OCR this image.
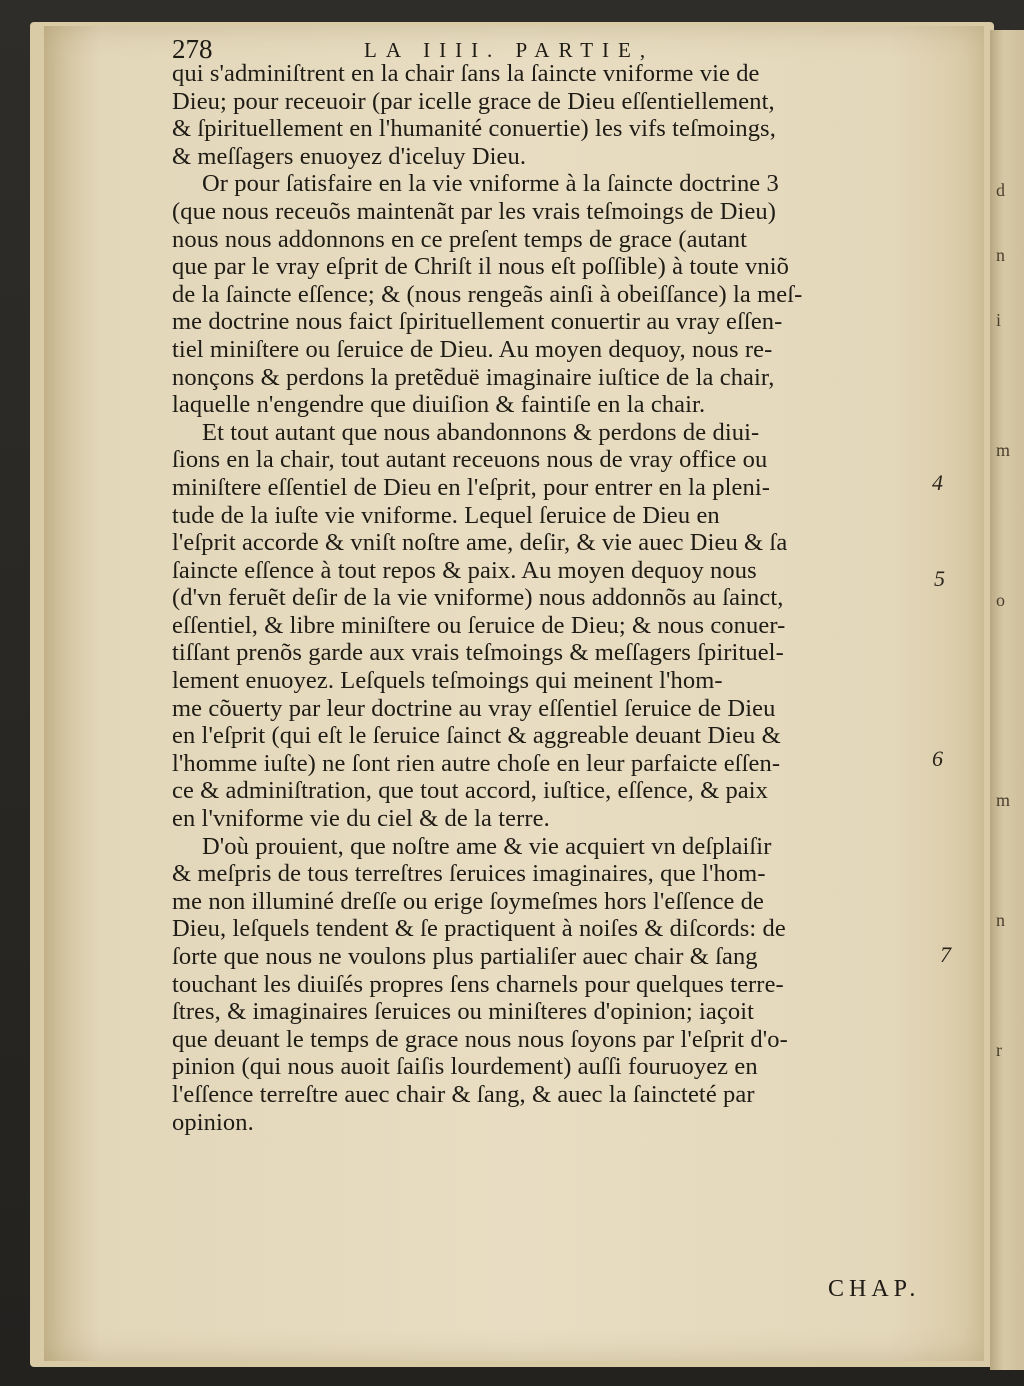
d
n
i
m
o
m
n
r
278	LA IIII. PARTIE,
qui s'adminiſtrent en la chair ſans la ſaincte vniforme vie de
Dieu; pour receuoir (par icelle grace de Dieu eſſentiellement,
& ſpirituellement en l'humanité conuertie) les vifs teſmoings,
& meſſagers enuoyez d'iceluy Dieu.
Or pour ſatisfaire en la vie vniforme à la ſaincte doctrine 3
(que nous receuõs maintenãt par les vrais teſmoings de Dieu)
nous nous addonnons en ce preſent temps de grace (autant
que par le vray eſprit de Chriſt il nous eſt poſſible) à toute vniõ
de la ſaincte eſſence; & (nous rengeãs ainſi à obeiſſance) la meſ-
me doctrine nous faict ſpirituellement conuertir au vray eſſen-
tiel miniſtere ou ſeruice de Dieu. Au moyen dequoy, nous re-
nonçons & perdons la pretẽduë imaginaire iuſtice de la chair,
laquelle n'engendre que diuiſion & faintiſe en la chair.
Et tout autant que nous abandonnons & perdons de diui-
ſions en la chair, tout autant receuons nous de vray office ou
miniſtere eſſentiel de Dieu en l'eſprit, pour entrer en la pleni-
tude de la iuſte vie vniforme. Lequel ſeruice de Dieu en
l'eſprit accorde & vniſt noſtre ame, deſir, & vie auec Dieu & ſa
ſaincte eſſence à tout repos & paix. Au moyen dequoy nous
(d'vn feruẽt deſir de la vie vniforme) nous addonnõs au ſainct,
eſſentiel, & libre miniſtere ou ſeruice de Dieu; & nous conuer-
tiſſant prenõs garde aux vrais teſmoings & meſſagers ſpirituel-
lement enuoyez. Leſquels teſmoings qui meinent l'hom-
me cõuerty par leur doctrine au vray eſſentiel ſeruice de Dieu
en l'eſprit (qui eſt le ſeruice ſainct & aggreable deuant Dieu &
l'homme iuſte) ne ſont rien autre choſe en leur parfaicte eſſen-
ce & adminiſtration, que tout accord, iuſtice, eſſence, & paix
en l'vniforme vie du ciel & de la terre.
D'où prouient, que noſtre ame & vie acquiert vn deſplaiſir
& meſpris de tous terreſtres ſeruices imaginaires, que l'hom-
me non illuminé dreſſe ou erige ſoymeſmes hors l'eſſence de
Dieu, leſquels tendent & ſe practiquent à noiſes & diſcords: de
ſorte que nous ne voulons plus partialiſer auec chair & ſang
touchant les diuiſés propres ſens charnels pour quelques terre-
ſtres, & imaginaires ſeruices ou miniſteres d'opinion; iaçoit
que deuant le temps de grace nous nous ſoyons par l'eſprit d'o-
pinion (qui nous auoit ſaiſis lourdement) auſſi fouruoyez en
l'eſſence terreſtre auec chair & ſang, & auec la ſaincteté par
opinion.
4
5
6
7
CHAP.
